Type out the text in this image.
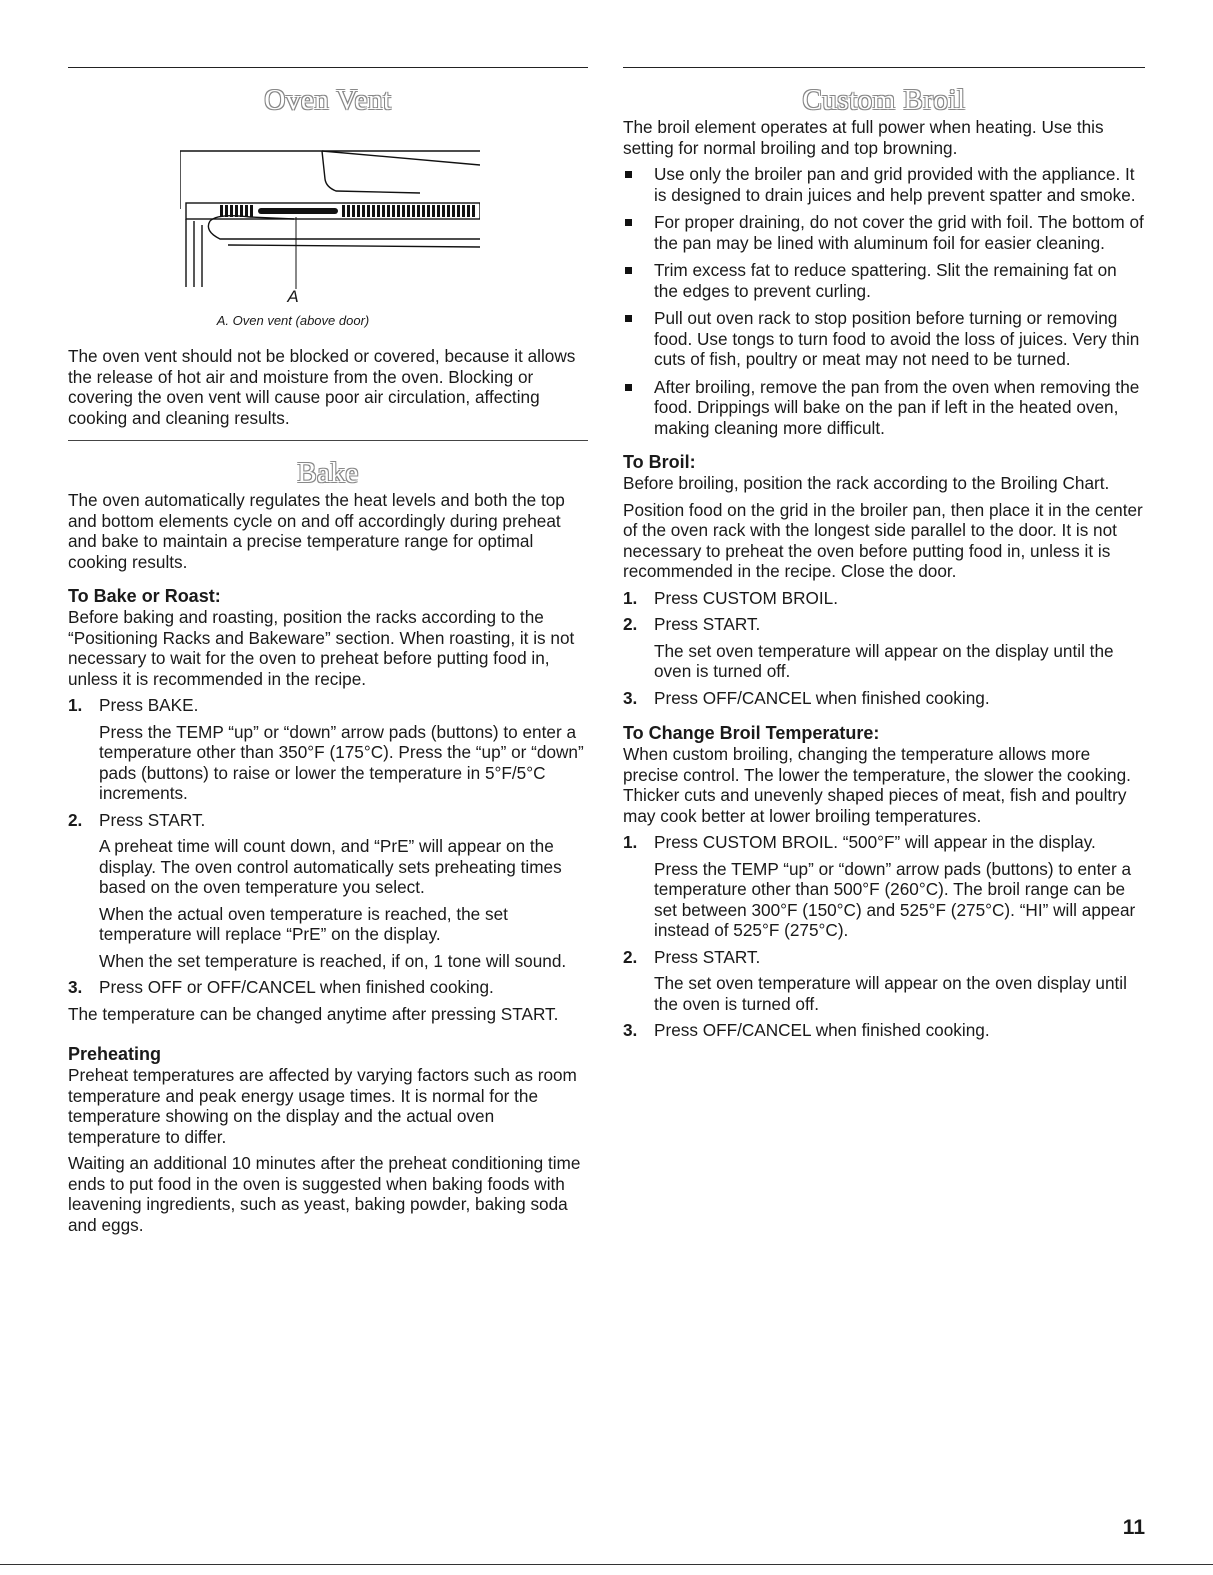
Oven Vent
A
A. Oven vent (above door)

The oven vent should not be blocked or covered, because it allows the release of hot air and moisture from the oven. Blocking or covering the oven vent will cause poor air circulation, affecting cooking and cleaning results.

Bake

The oven automatically regulates the heat levels and both the top and bottom elements cycle on and off accordingly during preheat and bake to maintain a precise temperature range for optimal cooking results.

To Bake or Roast:

Before baking and roasting, position the racks according to the “Positioning Racks and Bakeware” section. When roasting, it is not necessary to wait for the oven to preheat before putting food in, unless it is recommended in the recipe.

1. Press BAKE.
Press the TEMP “up” or “down” arrow pads (buttons) to enter a temperature other than 350°F (175°C). Press the “up” or “down” pads (buttons) to raise or lower the temperature in 5°F/5°C increments.
2. Press START.
A preheat time will count down, and “PrE” will appear on the display. The oven control automatically sets preheating times based on the oven temperature you select.
When the actual oven temperature is reached, the set temperature will replace “PrE” on the display.
When the set temperature is reached, if on, 1 tone will sound.
3. Press OFF or OFF/CANCEL when finished cooking.

The temperature can be changed anytime after pressing START.

Preheating

Preheat temperatures are affected by varying factors such as room temperature and peak energy usage times. It is normal for the temperature showing on the display and the actual oven temperature to differ.

Waiting an additional 10 minutes after the preheat conditioning time ends to put food in the oven is suggested when baking foods with leavening ingredients, such as yeast, baking powder, baking soda and eggs.

Custom Broil

The broil element operates at full power when heating. Use this setting for normal broiling and top browning.

Use only the broiler pan and grid provided with the appliance. It is designed to drain juices and help prevent spatter and smoke.
For proper draining, do not cover the grid with foil. The bottom of the pan may be lined with aluminum foil for easier cleaning.
Trim excess fat to reduce spattering. Slit the remaining fat on the edges to prevent curling.
Pull out oven rack to stop position before turning or removing food. Use tongs to turn food to avoid the loss of juices. Very thin cuts of fish, poultry or meat may not need to be turned.
After broiling, remove the pan from the oven when removing the food. Drippings will bake on the pan if left in the heated oven, making cleaning more difficult.

To Broil:

Before broiling, position the rack according to the Broiling Chart.

Position food on the grid in the broiler pan, then place it in the center of the oven rack with the longest side parallel to the door. It is not necessary to preheat the oven before putting food in, unless it is recommended in the recipe. Close the door.

1. Press CUSTOM BROIL.
2. Press START.
The set oven temperature will appear on the display until the oven is turned off.
3. Press OFF/CANCEL when finished cooking.

To Change Broil Temperature:

When custom broiling, changing the temperature allows more precise control. The lower the temperature, the slower the cooking. Thicker cuts and unevenly shaped pieces of meat, fish and poultry may cook better at lower broiling temperatures.

1. Press CUSTOM BROIL. “500°F” will appear in the display.
Press the TEMP “up” or “down” arrow pads (buttons) to enter a temperature other than 500°F (260°C). The broil range can be set between 300°F (150°C) and 525°F (275°C). “HI” will appear instead of 525°F (275°C).
2. Press START.
The set oven temperature will appear on the oven display until the oven is turned off.
3. Press OFF/CANCEL when finished cooking.
11
